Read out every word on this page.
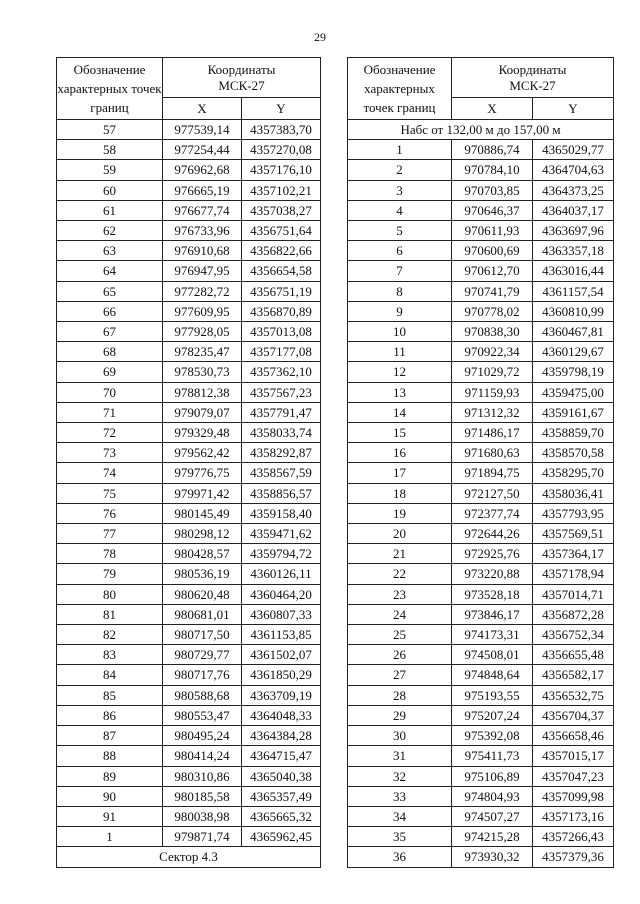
29
Обозначение характерных точек границ	Координаты
МСК-27	
	X	Y
57	977539,14	4357383,70
58	977254,44	4357270,08
59	976962,68	4357176,10
60	976665,19	4357102,21
61	976677,74	4357038,27
62	976733,96	4356751,64
63	976910,68	4356822,66
64	976947,95	4356654,58
65	977282,72	4356751,19
66	977609,95	4356870,89
67	977928,05	4357013,08
68	978235,47	4357177,08
69	978530,73	4357362,10
70	978812,38	4357567,23
71	979079,07	4357791,47
72	979329,48	4358033,74
73	979562,42	4358292,87
74	979776,75	4358567,59
75	979971,42	4358856,57
76	980145,49	4359158,40
77	980298,12	4359471,62
78	980428,57	4359794,72
79	980536,19	4360126,11
80	980620,48	4360464,20
81	980681,01	4360807,33
82	980717,50	4361153,85
83	980729,77	4361502,07
84	980717,76	4361850,29
85	980588,68	4363709,19
86	980553,47	4364048,33
87	980495,24	4364384,28
88	980414,24	4364715,47
89	980310,86	4365040,38
90	980185,58	4365357,49
91	980038,98	4365665,32
1	979871,74	4365962,45
Сектор 4.3		
Обозначение характерных точек границ	Координаты
МСК-27	
	X	Y
Набс от 132,00 м до 157,00 м		
1	970886,74	4365029,77
2	970784,10	4364704,63
3	970703,85	4364373,25
4	970646,37	4364037,17
5	970611,93	4363697,96
6	970600,69	4363357,18
7	970612,70	4363016,44
8	970741,79	4361157,54
9	970778,02	4360810,99
10	970838,30	4360467,81
11	970922,34	4360129,67
12	971029,72	4359798,19
13	971159,93	4359475,00
14	971312,32	4359161,67
15	971486,17	4358859,70
16	971680,63	4358570,58
17	971894,75	4358295,70
18	972127,50	4358036,41
19	972377,74	4357793,95
20	972644,26	4357569,51
21	972925,76	4357364,17
22	973220,88	4357178,94
23	973528,18	4357014,71
24	973846,17	4356872,28
25	974173,31	4356752,34
26	974508,01	4356655,48
27	974848,64	4356582,17
28	975193,55	4356532,75
29	975207,24	4356704,37
30	975392,08	4356658,46
31	975411,73	4357015,17
32	975106,89	4357047,23
33	974804,93	4357099,98
34	974507,27	4357173,16
35	974215,28	4357266,43
36	973930,32	4357379,36
